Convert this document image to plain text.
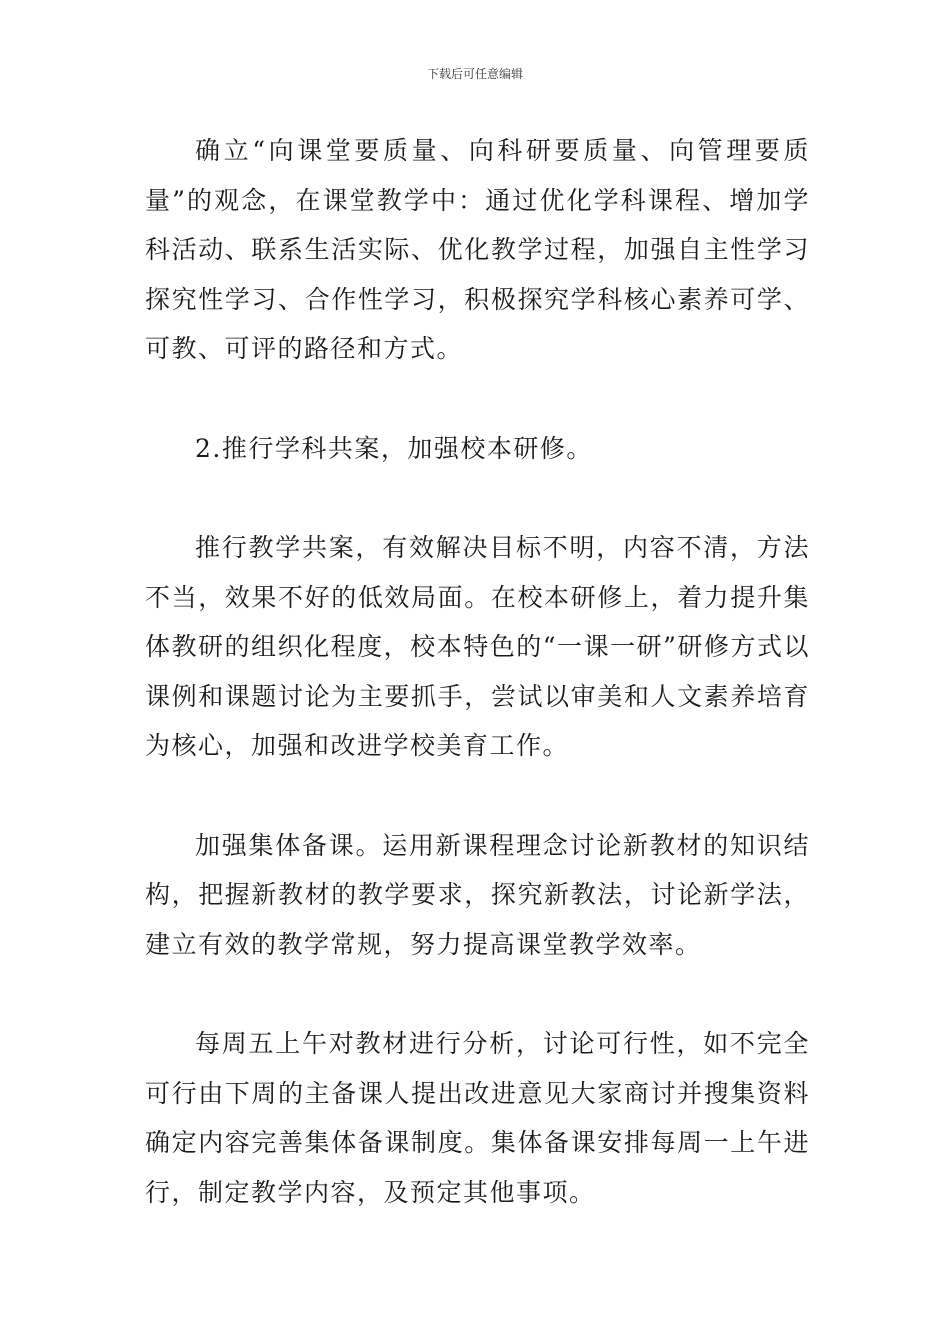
下载后可任意编辑

确立“向课堂要质量、向科研要质量、向管理要质量”的观念，在课堂教学中：通过优化学科课程、增加学科活动、联系生活实际、优化教学过程，加强自主性学习探究性学习、合作性学习，积极探究学科核心素养可学、可教、可评的路径和方式。

2.推行学科共案，加强校本研修。

推行教学共案，有效解决目标不明，内容不清，方法不当，效果不好的低效局面。在校本研修上，着力提升集体教研的组织化程度，校本特色的“一课一研”研修方式以课例和课题讨论为主要抓手，尝试以审美和人文素养培育为核心，加强和改进学校美育工作。

加强集体备课。运用新课程理念讨论新教材的知识结构，把握新教材的教学要求，探究新教法，讨论新学法，建立有效的教学常规，努力提高课堂教学效率。

每周五上午对教材进行分析，讨论可行性，如不完全可行由下周的主备课人提出改进意见大家商讨并搜集资料确定内容完善集体备课制度。集体备课安排每周一上午进行，制定教学内容，及预定其他事项。
